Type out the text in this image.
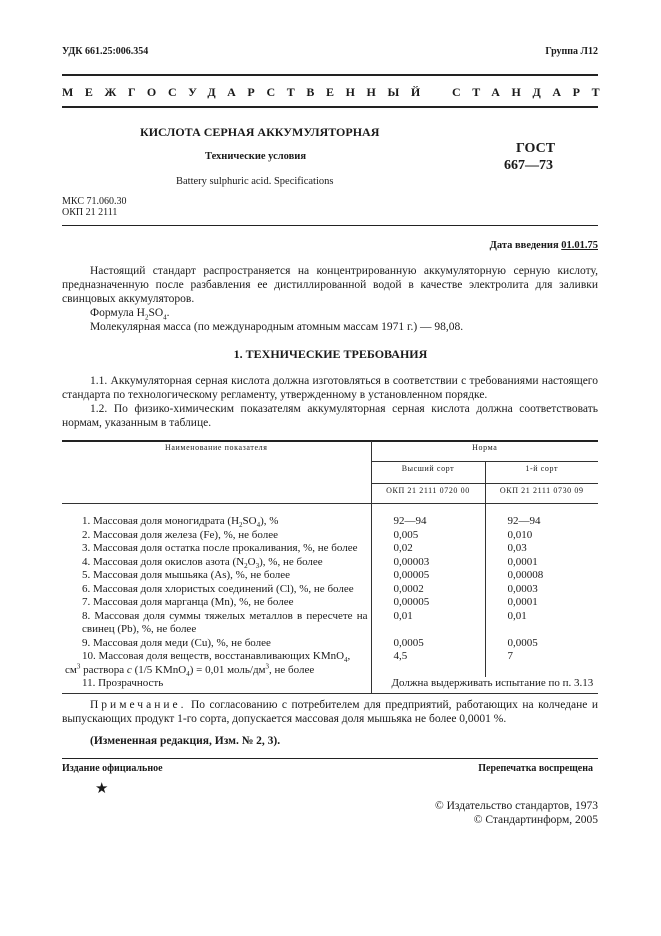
УДК 661.25:006.354	Группа Л12
МЕЖГОСУДАРСТВЕННЫЙ СТАНДАРТ
КИСЛОТА СЕРНАЯ АККУМУЛЯТОРНАЯ
Технические условия
Battery sulphuric acid. Specifications
ГОСТ
667—73
МКС 71.060.30
ОКП 21 2111
Дата введения 01.01.75

Настоящий стандарт распространяется на концентрированную аккумуляторную серную кислоту, предназначенную после разбавления ее дистиллированной водой в качестве электролита для заливки свинцовых аккумуляторов.

Формула $H_2SO_4$.

Молекулярная масса (по международным атомным массам 1971 г.) — 98,08.

1. ТЕХНИЧЕСКИЕ ТРЕБОВАНИЯ

1.1. Аккумуляторная серная кислота должна изготовляться в соответствии с требованиями настоящего стандарта по технологическому регламенту, утвержденному в установленном порядке.

1.2. По физико-химическим показателям аккумуляторная серная кислота должна соответствовать нормам, указанным в таблице.

Наименование показателя	Норма	
	Высший сорт	1-й сорт
	ОКП 21 2111 0720 00	ОКП 21 2111 0730 09

1. Массовая доля моногидрата $(H_2SO_4)$, %	92—94	92—94
2. Массовая доля железа (Fe), %, не более	0,005	0,010
3. Массовая доля остатка после прокаливания, %, не более	0,02	0,03
4. Массовая доля окислов азота $(N_2O_3)$, %, не более	0,00003	0,0001
5. Массовая доля мышьяка (As), %, не более	0,00005	0,00008
6. Массовая доля хлористых соединений (Cl), %, не более	0,0002	0,0003
7. Массовая доля марганца (Mn), %, не более	0,00005	0,0001
8. Массовая доля суммы тяжелых металлов в пересчете на свинец (Pb), %, не более	0,01	0,01
9. Массовая доля меди (Cu), %, не более	0,0005	0,0005
10. Массовая доля веществ, восстанавливающих KMnO$_4$,
$см^3$ раствора c (1/5 KMnO$_4$) = 0,01 моль/$дм^3$, не более	4,5	7
11. Прозрачность	Должна выдерживать испытание по п. 3.13	

Примечание. По согласованию с потребителем для предприятий, работающих на колчедане и выпускающих продукт 1-го сорта, допускается массовая доля мышьяка не более 0,0001 %.

(Измененная редакция, Изм. № 2, 3).
Издание официальное	Перепечатка воспрещена
★
© Издательство стандартов, 1973
© Стандартинформ, 2005
